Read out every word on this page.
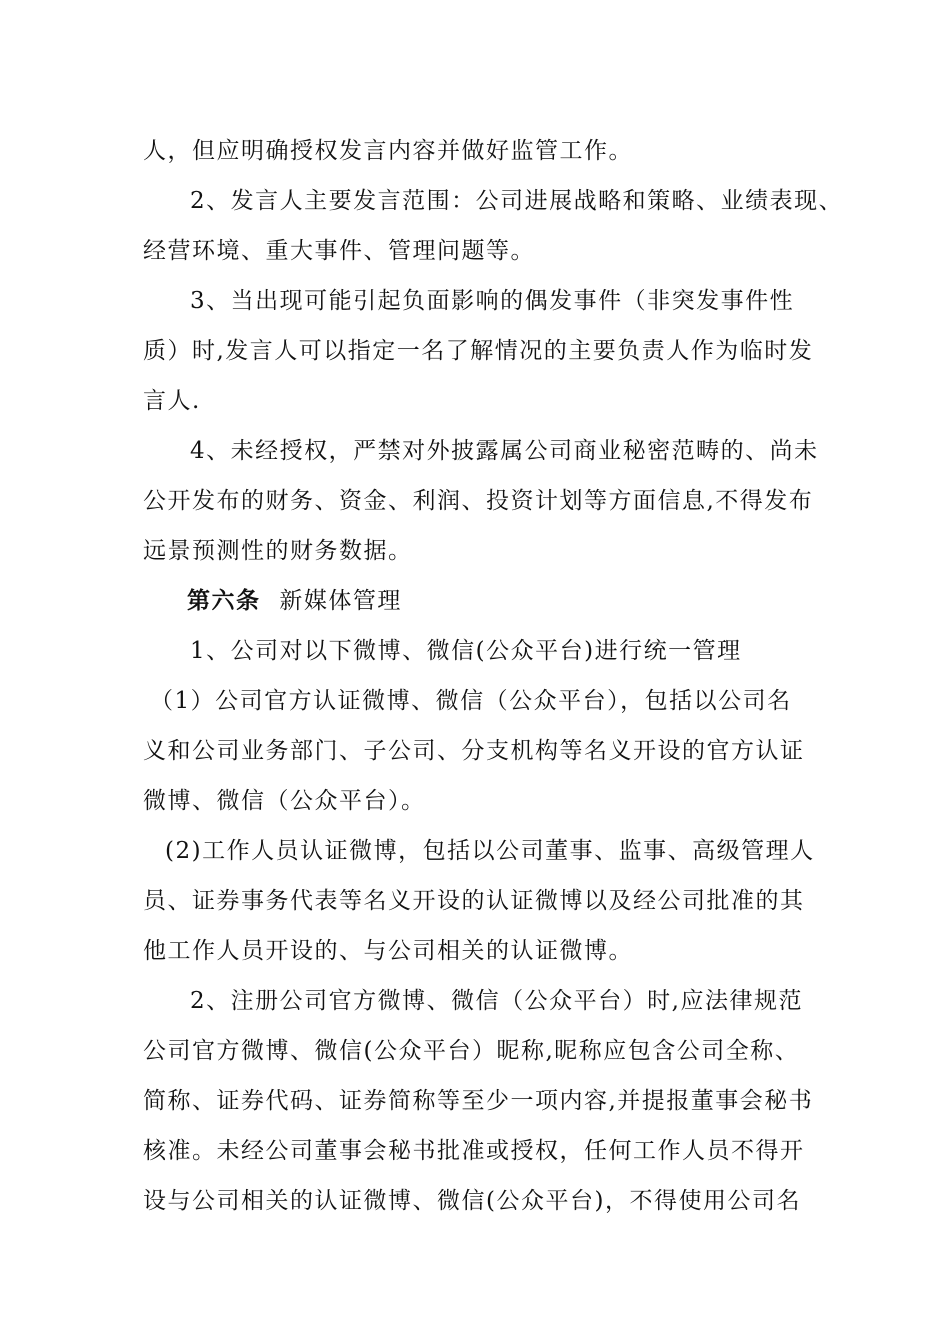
人，但应明确授权发言内容并做好监管工作。
2、发言人主要发言范围：公司进展战略和策略、业绩表现、
经营环境、重大事件、管理问题等。
3、当出现可能引起负面影响的偶发事件（非突发事件性
质）时,发言人可以指定一名了解情况的主要负责人作为临时发
言人.
4、未经授权，严禁对外披露属公司商业秘密范畴的、尚未
公开发布的财务、资金、利润、投资计划等方面信息,不得发布
远景预测性的财务数据。
第六条 新媒体管理
1、公司对以下微博、微信(公众平台)进行统一管理
（1）公司官方认证微博、微信（公众平台），包括以公司名
义和公司业务部门、子公司、分支机构等名义开设的官方认证
微博、微信（公众平台）。
(2)工作人员认证微博，包括以公司董事、监事、高级管理人
员、证券事务代表等名义开设的认证微博以及经公司批准的其
他工作人员开设的、与公司相关的认证微博。
2、注册公司官方微博、微信（公众平台）时,应法律规范
公司官方微博、微信(公众平台）昵称,昵称应包含公司全称、
简称、证券代码、证券简称等至少一项内容,并提报董事会秘书
核准。未经公司董事会秘书批准或授权，任何工作人员不得开
设与公司相关的认证微博、微信(公众平台)，不得使用公司名
